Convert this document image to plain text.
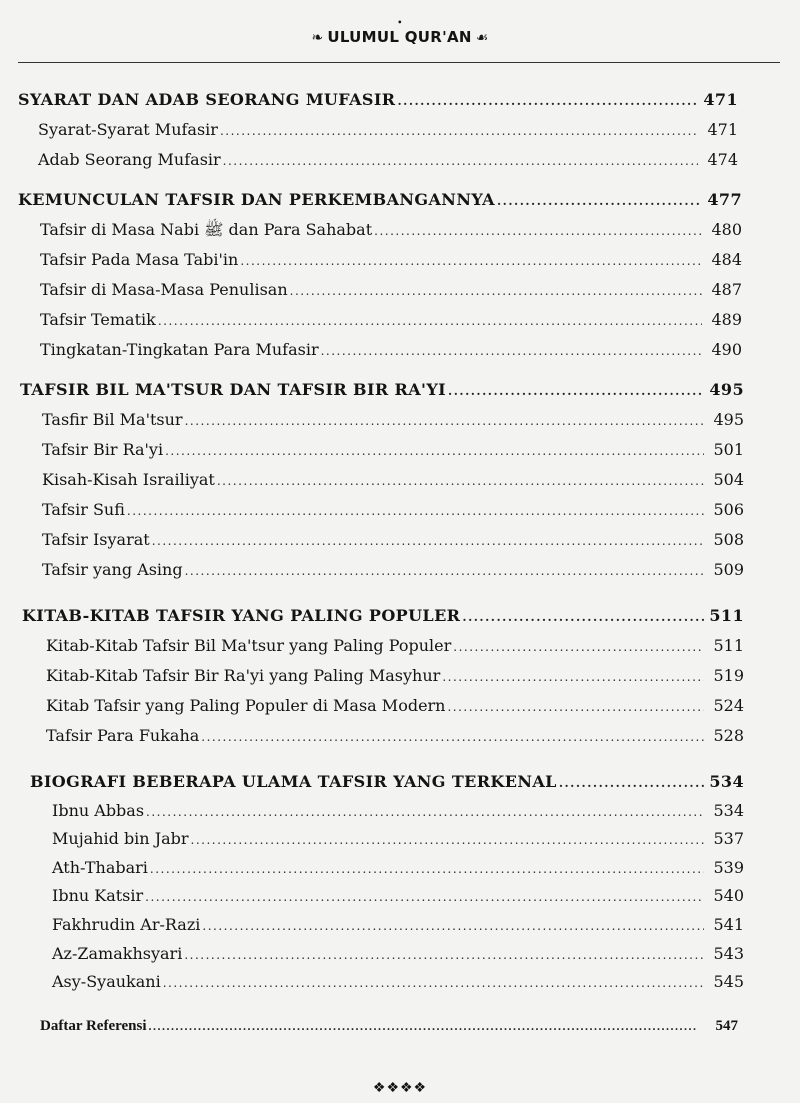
•
❧ ULUMUL QUR'AN ☙
SYARAT DAN ADAB SEORANG MUFASIR .....	471
Syarat-Syarat Mufasir .....	471
Adab Seorang Mufasir .....	474
KEMUNCULAN TAFSIR DAN PERKEMBANGANNYA .....	477
Tafsir di Masa Nabi ﷺ dan Para Sahabat .....	480
Tafsir Pada Masa Tabi'in .....	484
Tafsir di Masa-Masa Penulisan .....	487
Tafsir Tematik .....	489
Tingkatan-Tingkatan Para Mufasir .....	490
TAFSIR BIL MA'TSUR DAN TAFSIR BIR RA'YI .....	495
Tasfir Bil Ma'tsur .....	495
Tafsir Bir Ra'yi .....	501
Kisah-Kisah Israiliyat .....	504
Tafsir Sufi .....	506
Tafsir Isyarat .....	508
Tafsir yang Asing .....	509
KITAB-KITAB TAFSIR YANG PALING POPULER .....	511
Kitab-Kitab Tafsir Bil Ma'tsur yang Paling Populer .....	511
Kitab-Kitab Tafsir Bir Ra'yi yang Paling Masyhur .....	519
Kitab Tafsir yang Paling Populer di Masa Modern .....	524
Tafsir Para Fukaha .....	528
BIOGRAFI BEBERAPA ULAMA TAFSIR YANG TERKENAL .....	534
Ibnu Abbas .....	534
Mujahid bin Jabr .....	537
Ath-Thabari .....	539
Ibnu Katsir .....	540
Fakhrudin Ar-Razi .....	541
Az-Zamakhsyari .....	543
Asy-Syaukani .....	545
Daftar Referensi .....	547
❖❖❖❖
